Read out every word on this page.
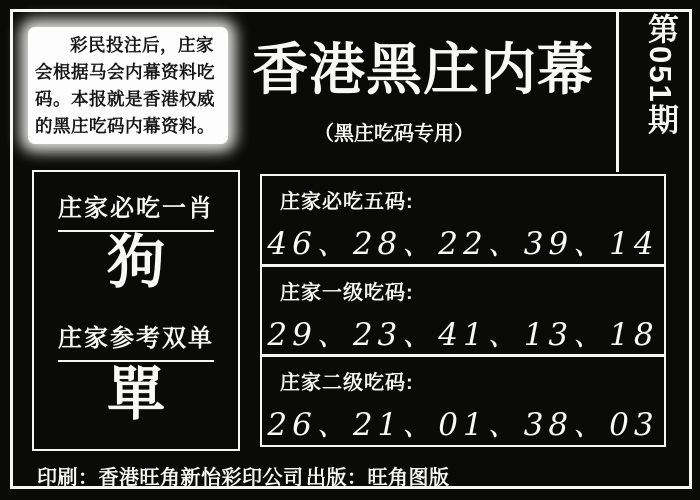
第051期
彩民投注后，庄家会根据马会内幕资料吃码。本报就是香港权威的黑庄吃码内幕资料。
香港黑庄内幕
（黑庄吃码专用）
庄家必吃一肖
狗
庄家参考双单
單
庄家必吃五码:
46、28、22、39、14
庄家一级吃码:
29、23、41、13、18
庄家二级吃码:
26、21、01、38、03
印刷：香港旺角新怡彩印公司 出版：旺角图版
